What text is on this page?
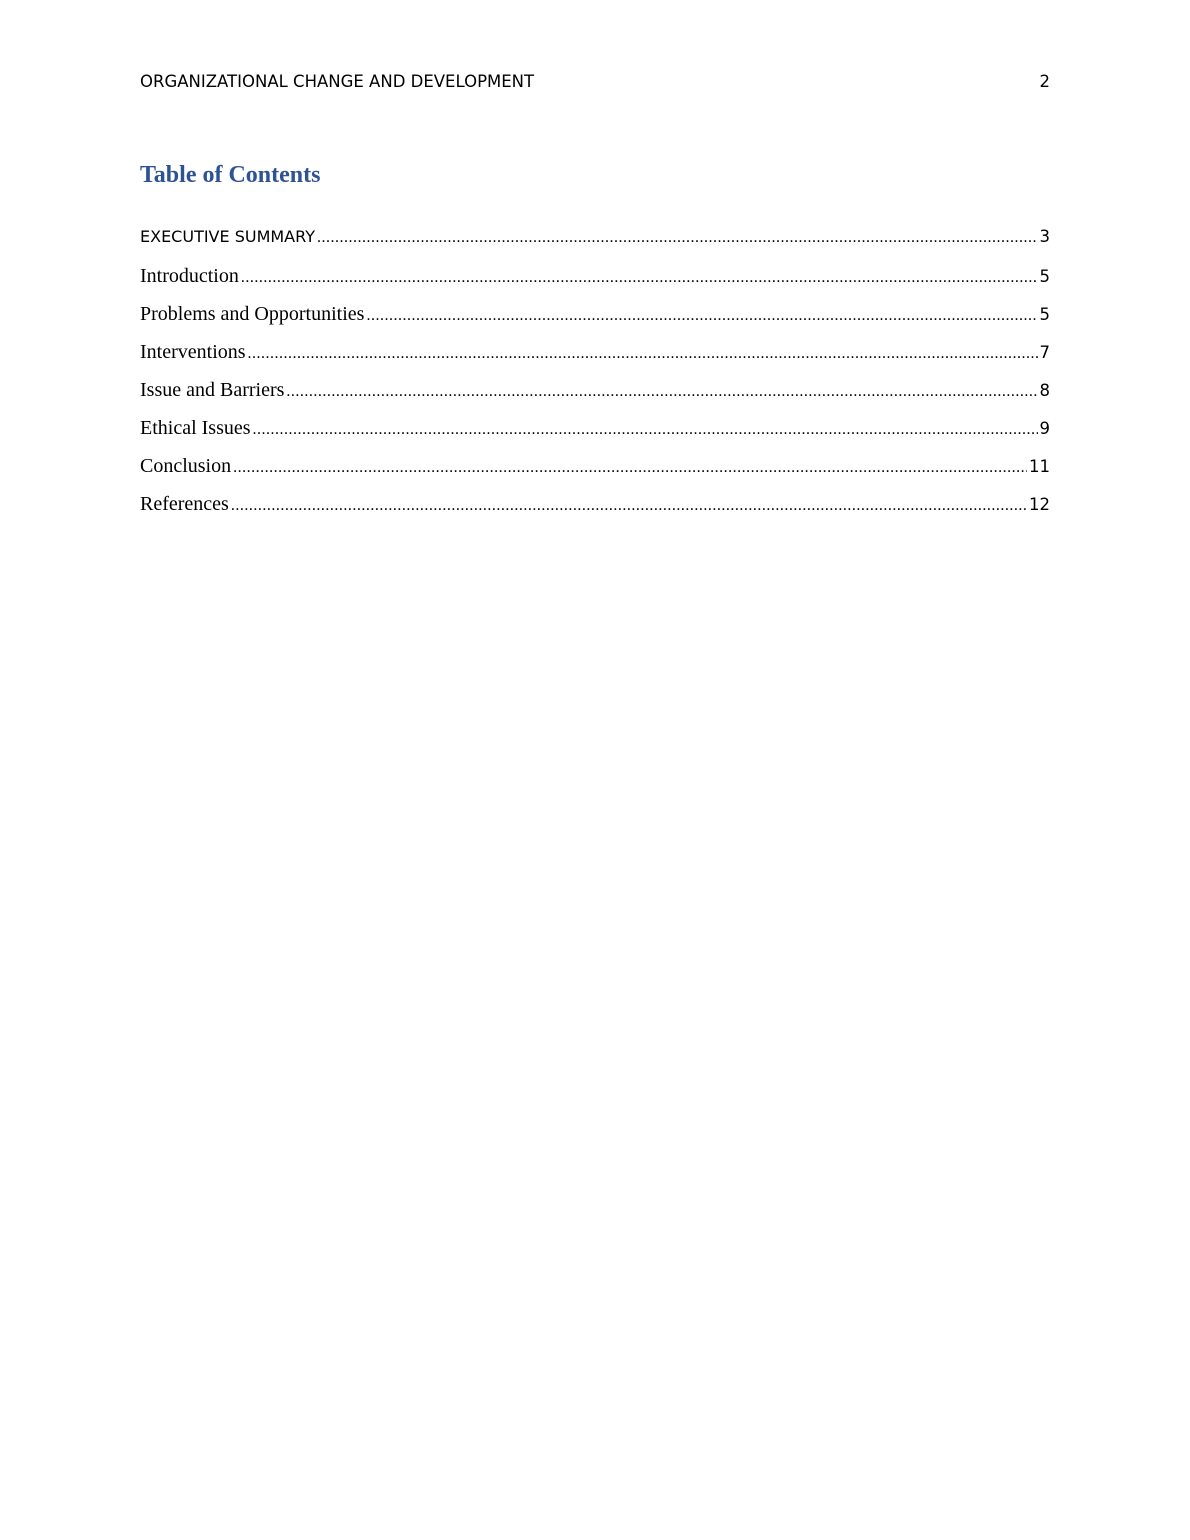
ORGANIZATIONAL CHANGE AND DEVELOPMENT	2
Table of Contents
EXECUTIVE SUMMARY .....	3
Introduction .....	5
Problems and Opportunities .....	5
Interventions .....	7
Issue and Barriers .....	8
Ethical Issues .....	9
Conclusion .....	11
References .....	12
